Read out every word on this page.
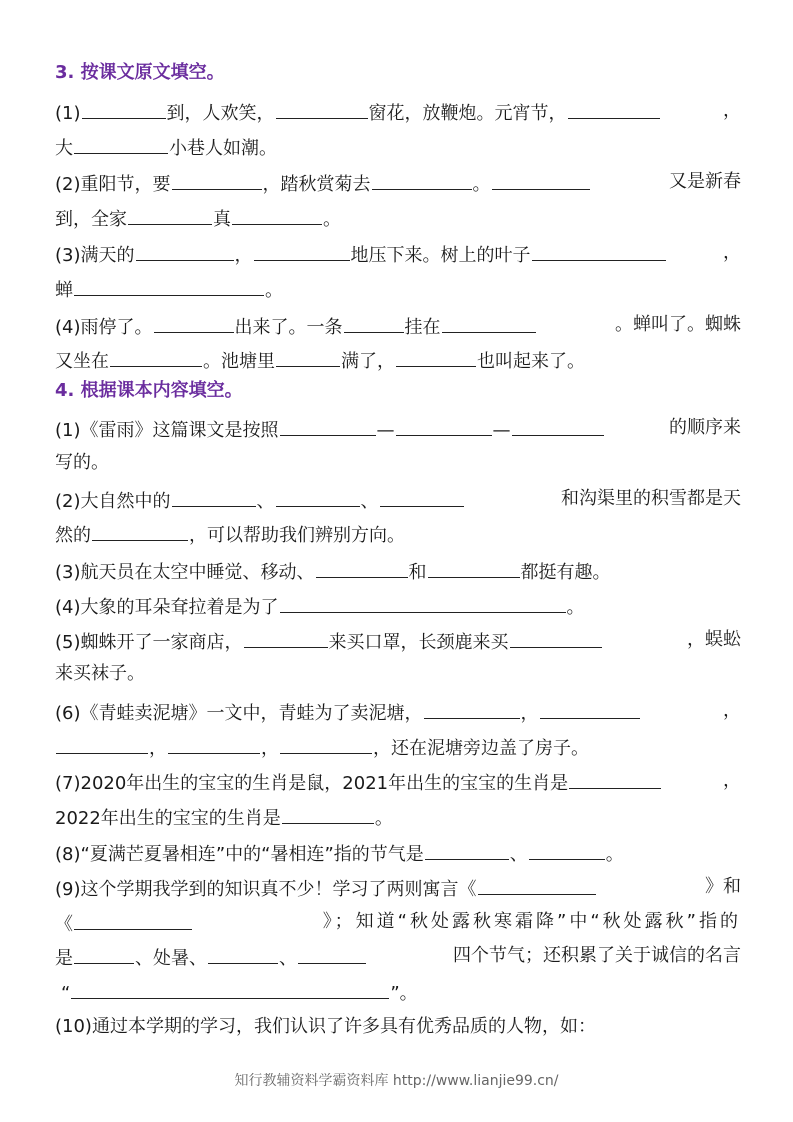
3. 按课文原文填空。
(1)	到，人欢笑，	窗花，放鞭炮。元宵节，	，
大	小巷人如潮。
(2)重阳节，要	，踏秋赏菊去	。	又是新春
到，全家	真	。
(3)满天的	，	地压下来。树上的叶子	，
蝉	。
(4)雨停了。	出来了。一条	挂在	。蝉叫了。蜘蛛
又坐在	。池塘里	满了，	也叫起来了。
4. 根据课本内容填空。
(1)《雷雨》这篇课文是按照	—	—	的顺序来
写的。
(2)大自然中的	、	、	和沟渠里的积雪都是天
然的	，可以帮助我们辨别方向。
(3)航天员在太空中睡觉、移动、	和	都挺有趣。
(4)大象的耳朵耷拉着是为了	。
(5)蜘蛛开了一家商店，	来买口罩，长颈鹿来买	，蜈蚣
来买袜子。
(6)《青蛙卖泥塘》一文中，青蛙为了卖泥塘，	，	，
，	，	，还在泥塘旁边盖了房子。
(7)2020年出生的宝宝的生肖是鼠，2021年出生的宝宝的生肖是	，
2022年出生的宝宝的生肖是	。
(8)“夏满芒夏暑相连”中的“暑相连”指的节气是	、	。
(9)这个学期我学到的知识真不少！学习了两则寓言《	》和
《	》；知道“秋处露秋寒霜降”中“秋处露秋”指的
是	、处暑、	、	四个节气；还积累了关于诚信的名言
“	”。
(10)通过本学期的学习，我们认识了许多具有优秀品质的人物，如：
知行教辅资料学霸资料库 http://www.lianjie99.cn/
